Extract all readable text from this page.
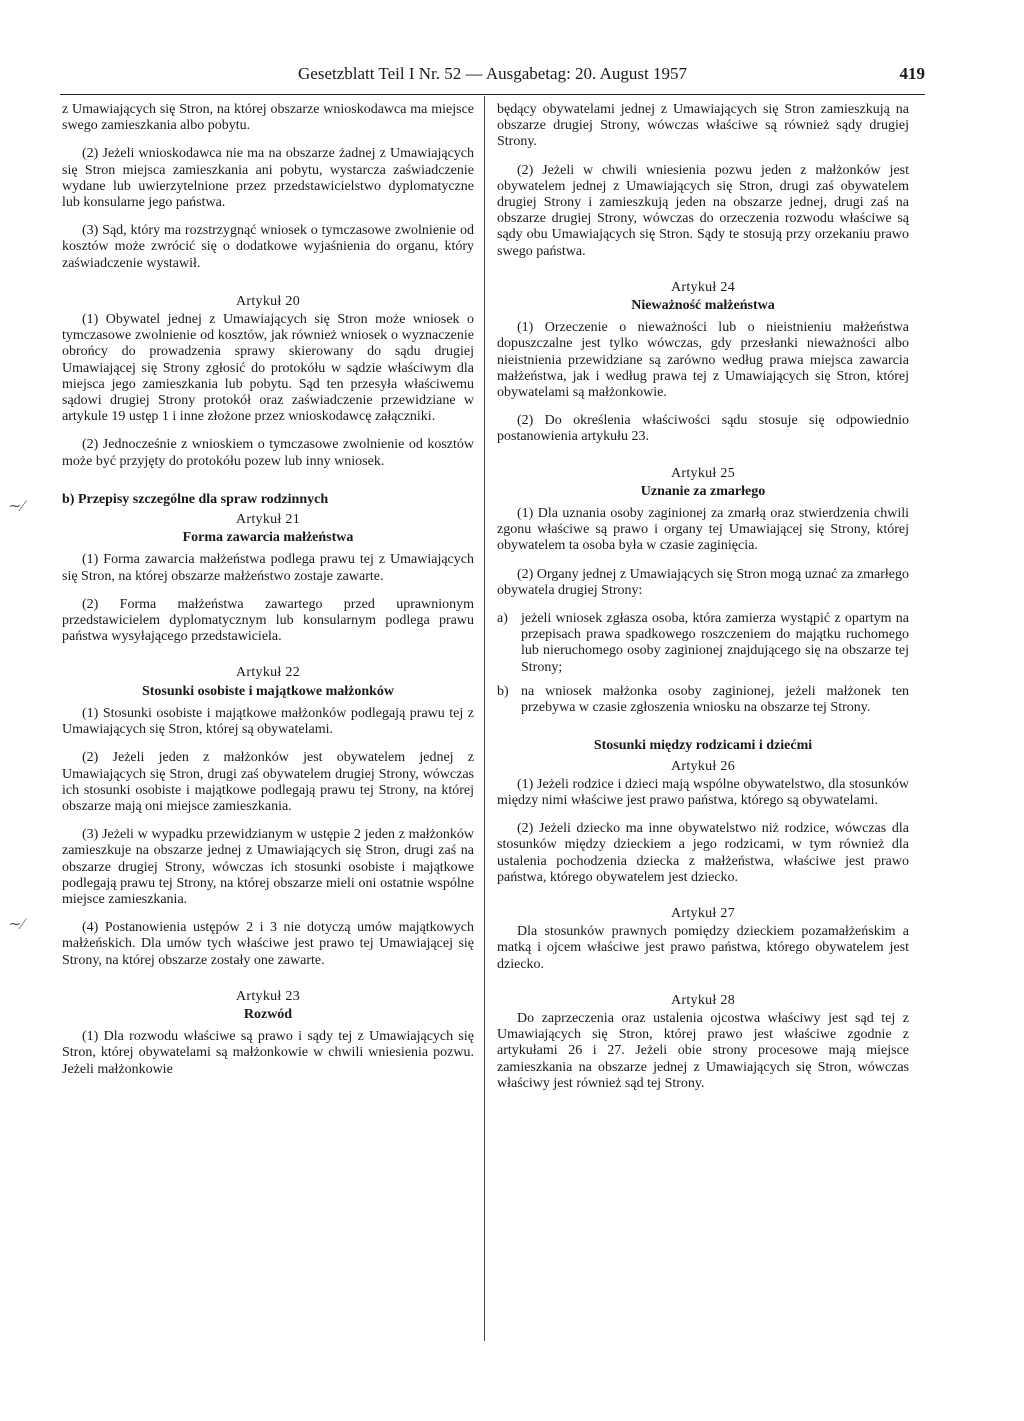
Gesetzblatt Teil I Nr. 52 — Ausgabetag: 20. August 1957	419
∼⁄
∼⁄

z Umawiających się Stron, na której obszarze wnioskodawca ma miejsce swego zamieszkania albo pobytu.

(2) Jeżeli wnioskodawca nie ma na obszarze żadnej z Umawiających się Stron miejsca zamieszkania ani pobytu, wystarcza zaświadczenie wydane lub uwierzytelnione przez przedstawicielstwo dyplomatyczne lub konsularne jego państwa.

(3) Sąd, który ma rozstrzygnąć wniosek o tymczasowe zwolnienie od kosztów może zwrócić się o dodatkowe wyjaśnienia do organu, który zaświadczenie wystawił.

Artykuł 20

(1) Obywatel jednej z Umawiających się Stron może wniosek o tymczasowe zwolnienie od kosztów, jak również wniosek o wyznaczenie obrońcy do prowadzenia sprawy skierowany do sądu drugiej Umawiającej się Strony zgłosić do protokółu w sądzie właściwym dla miejsca jego zamieszkania lub pobytu. Sąd ten przesyła właściwemu sądowi drugiej Strony protokół oraz zaświadczenie przewidziane w artykule 19 ustęp 1 i inne złożone przez wnioskodawcę załączniki.

(2) Jednocześnie z wnioskiem o tymczasowe zwolnienie od kosztów może być przyjęty do protokółu pozew lub inny wniosek.

b) Przepisy szczególne dla spraw rodzinnych
Artykuł 21
Forma zawarcia małżeństwa

(1) Forma zawarcia małżeństwa podlega prawu tej z Umawiających się Stron, na której obszarze małżeństwo zostaje zawarte.

(2) Forma małżeństwa zawartego przed uprawnionym przedstawicielem dyplomatycznym lub konsularnym podlega prawu państwa wysyłającego przedstawiciela.

Artykuł 22
Stosunki osobiste i majątkowe małżonków

(1) Stosunki osobiste i majątkowe małżonków podlegają prawu tej z Umawiających się Stron, której są obywatelami.

(2) Jeżeli jeden z małżonków jest obywatelem jednej z Umawiających się Stron, drugi zaś obywatelem drugiej Strony, wówczas ich stosunki osobiste i majątkowe podlegają prawu tej Strony, na której obszarze mają oni miejsce zamieszkania.

(3) Jeżeli w wypadku przewidzianym w ustępie 2 jeden z małżonków zamieszkuje na obszarze jednej z Umawiających się Stron, drugi zaś na obszarze drugiej Strony, wówczas ich stosunki osobiste i majątkowe podlegają prawu tej Strony, na której obszarze mieli oni ostatnie wspólne miejsce zamieszkania.

(4) Postanowienia ustępów 2 i 3 nie dotyczą umów majątkowych małżeńskich. Dla umów tych właściwe jest prawo tej Umawiającej się Strony, na której obszarze zostały one zawarte.

Artykuł 23
Rozwód

(1) Dla rozwodu właściwe są prawo i sądy tej z Umawiających się Stron, której obywatelami są małżonkowie w chwili wniesienia pozwu. Jeżeli małżonkowie

będący obywatelami jednej z Umawiających się Stron zamieszkują na obszarze drugiej Strony, wówczas właściwe są również sądy drugiej Strony.

(2) Jeżeli w chwili wniesienia pozwu jeden z małżonków jest obywatelem jednej z Umawiających się Stron, drugi zaś obywatelem drugiej Strony i zamieszkują jeden na obszarze jednej, drugi zaś na obszarze drugiej Strony, wówczas do orzeczenia rozwodu właściwe są sądy obu Umawiających się Stron. Sądy te stosują przy orzekaniu prawo swego państwa.

Artykuł 24
Nieważność małżeństwa

(1) Orzeczenie o nieważności lub o nieistnieniu małżeństwa dopuszczalne jest tylko wówczas, gdy przesłanki nieważności albo nieistnienia przewidziane są zarówno według prawa miejsca zawarcia małżeństwa, jak i według prawa tej z Umawiających się Stron, której obywatelami są małżonkowie.

(2) Do określenia właściwości sądu stosuje się odpowiednio postanowienia artykułu 23.

Artykuł 25
Uznanie za zmarłego

(1) Dla uznania osoby zaginionej za zmarłą oraz stwierdzenia chwili zgonu właściwe są prawo i organy tej Umawiającej się Strony, której obywatelem ta osoba była w czasie zaginięcia.

(2) Organy jednej z Umawiających się Stron mogą uznać za zmarłego obywatela drugiej Strony:

a) jeżeli wniosek zgłasza osoba, która zamierza wystąpić z opartym na przepisach prawa spadkowego roszczeniem do majątku ruchomego lub nieruchomego osoby zaginionej znajdującego się na obszarze tej Strony;
b) na wniosek małżonka osoby zaginionej, jeżeli małżonek ten przebywa w czasie zgłoszenia wniosku na obszarze tej Strony.
Stosunki między rodzicami i dziećmi
Artykuł 26

(1) Jeżeli rodzice i dzieci mają wspólne obywatelstwo, dla stosunków między nimi właściwe jest prawo państwa, którego są obywatelami.

(2) Jeżeli dziecko ma inne obywatelstwo niż rodzice, wówczas dla stosunków między dzieckiem a jego rodzicami, w tym również dla ustalenia pochodzenia dziecka z małżeństwa, właściwe jest prawo państwa, którego obywatelem jest dziecko.

Artykuł 27

Dla stosunków prawnych pomiędzy dzieckiem pozamałżeńskim a matką i ojcem właściwe jest prawo państwa, którego obywatelem jest dziecko.

Artykuł 28

Do zaprzeczenia oraz ustalenia ojcostwa właściwy jest sąd tej z Umawiających się Stron, której prawo jest właściwe zgodnie z artykułami 26 i 27. Jeżeli obie strony procesowe mają miejsce zamieszkania na obszarze jednej z Umawiających się Stron, wówczas właściwy jest również sąd tej Strony.
